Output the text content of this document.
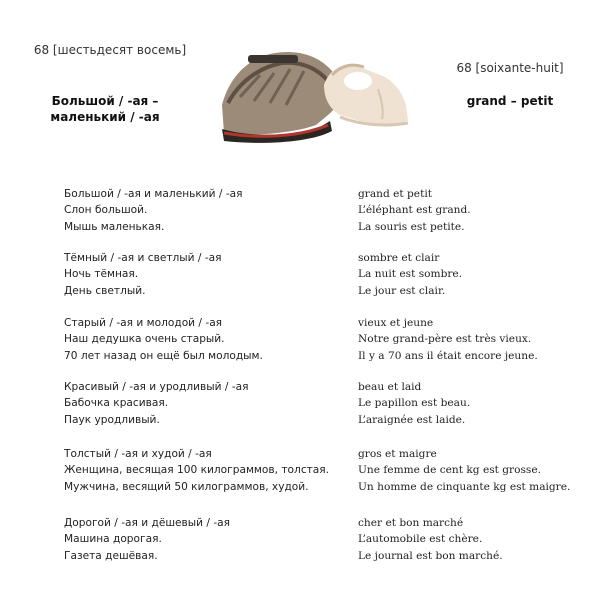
68 [шестьдесят восемь]
Большой / -ая – маленький / -ая
68 [soixante-huit]
grand – petit
Большой / -ая и маленький / -ая	grand et petit
Слон большой.	L’éléphant est grand.
Мышь маленькая.	La souris est petite.
Тёмный / -ая и светлый / -ая	sombre et clair
Ночь тёмная.	La nuit est sombre.
День светлый.	Le jour est clair.
Старый / -ая и молодой / -ая	vieux et jeune
Наш дедушка очень старый.	Notre grand-père est très vieux.
70 лет назад он ещё был молодым.	Il y a 70 ans il était encore jeune.
Красивый / -ая и уродливый / -ая	beau et laid
Бабочка красивая.	Le papillon est beau.
Паук уродливый.	L’araignée est laide.
Толстый / -ая и худой / -ая	gros et maigre
Женщина, весящая 100 килограммов, толстая.	Une femme de cent kg est grosse.
Мужчина, весящий 50 килограммов, худой.	Un homme de cinquante kg est maigre.
Дорогой / -ая и дёшевый / -ая	cher et bon marché
Машина дорогая.	L’automobile est chère.
Газета дешёвая.	Le journal est bon marché.
